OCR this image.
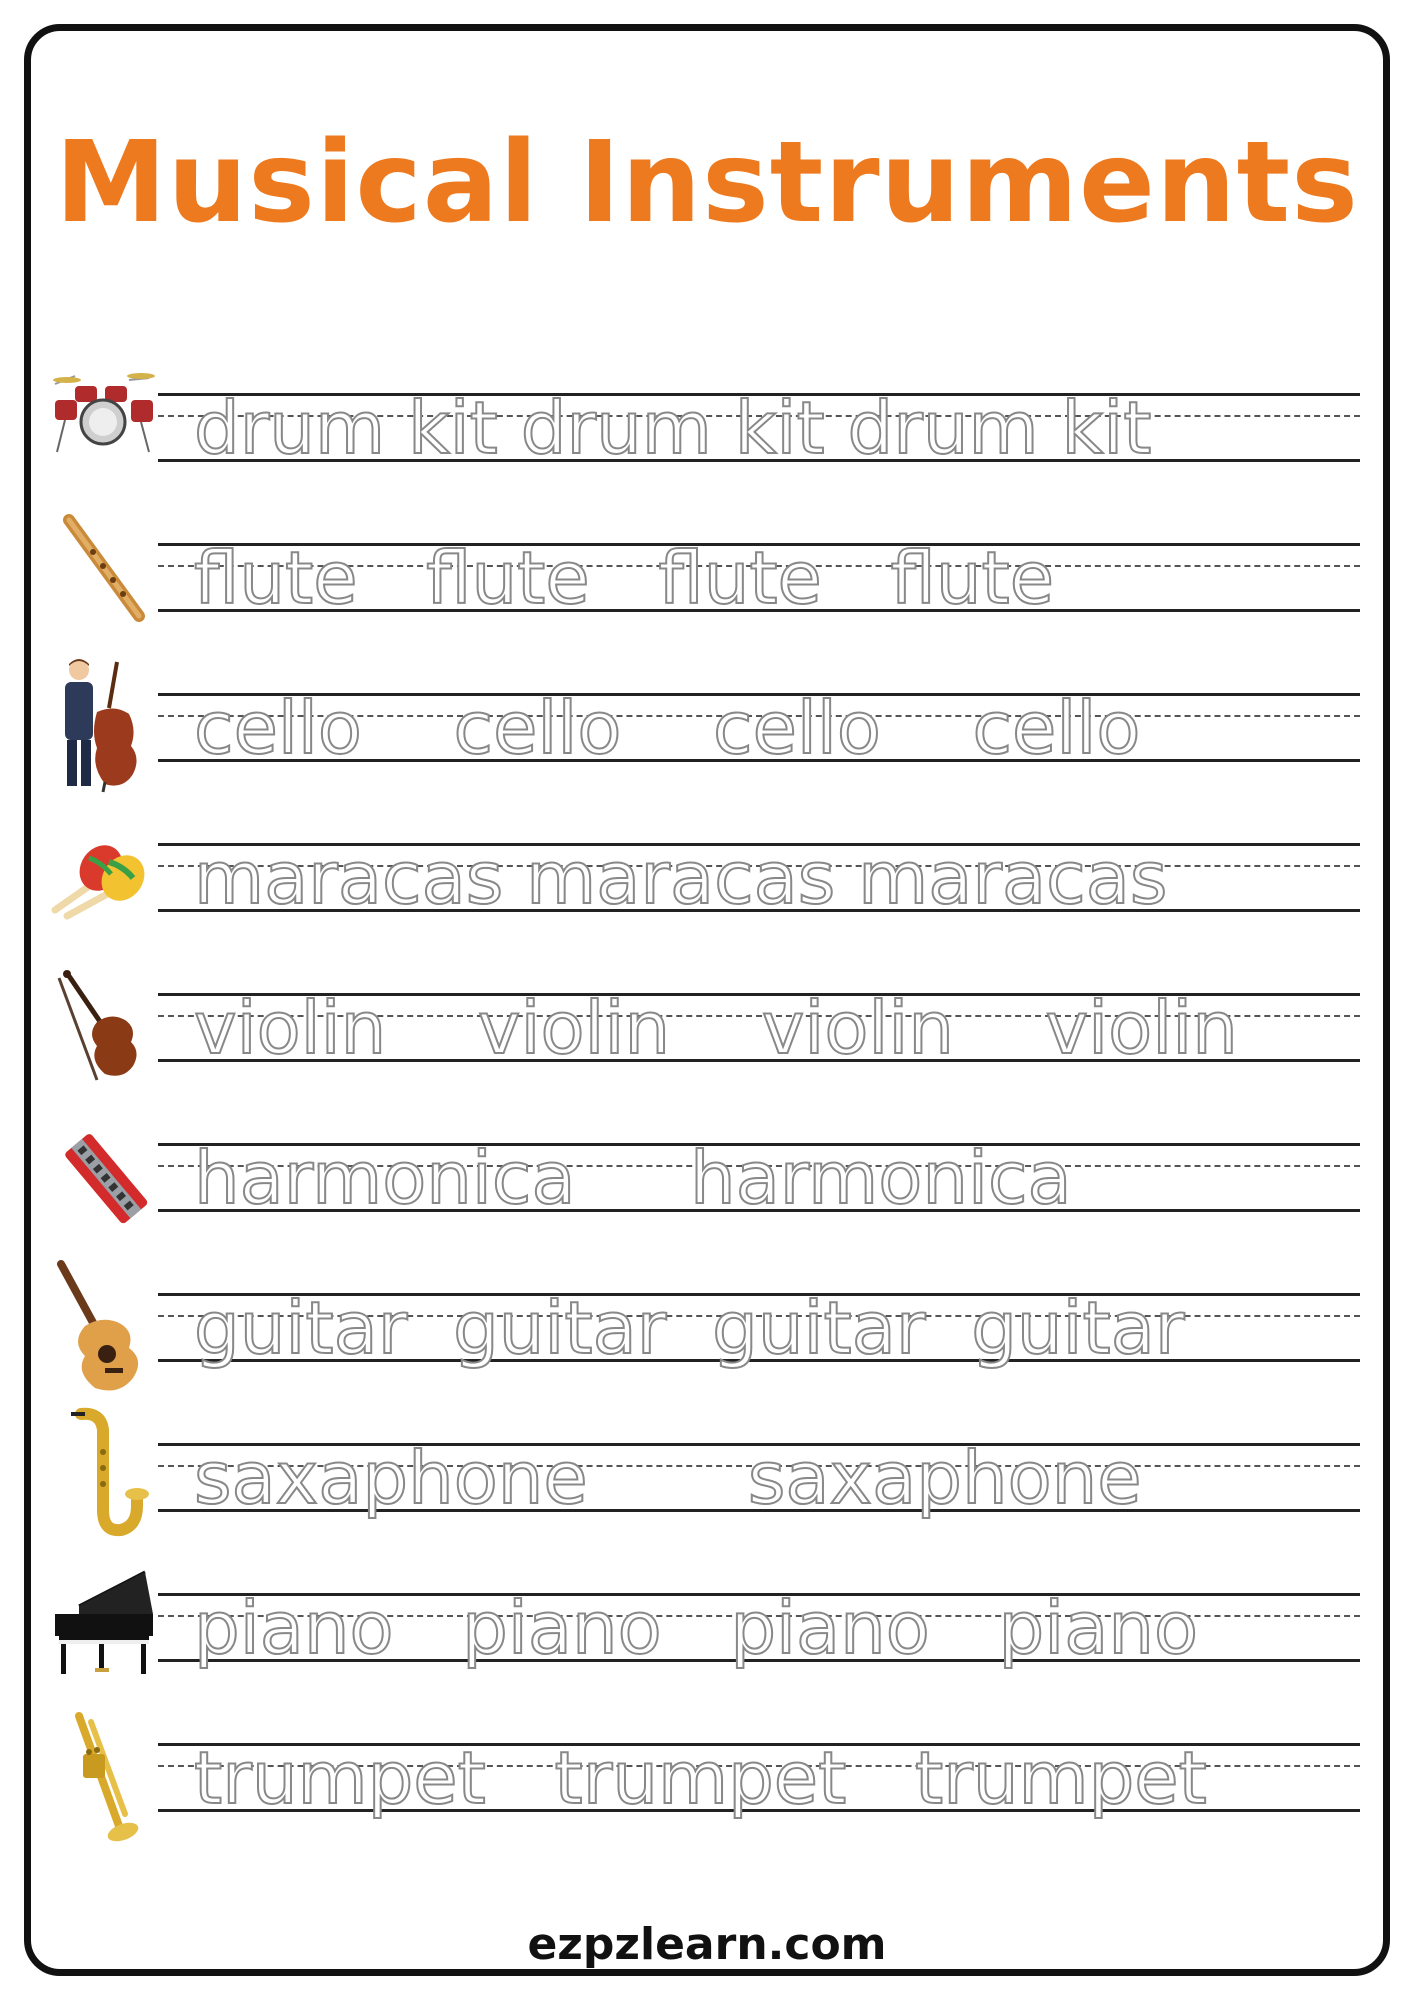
Musical Instruments
drum kit drum kit drum kit
flute   flute   flute   flute
cello    cello    cello    cello
maracas maracas maracas
violin    violin    violin    violin
harmonica     harmonica
guitar  guitar  guitar  guitar
saxaphone       saxaphone
piano   piano   piano   piano
trumpet   trumpet   trumpet

ezpzlearn.com
